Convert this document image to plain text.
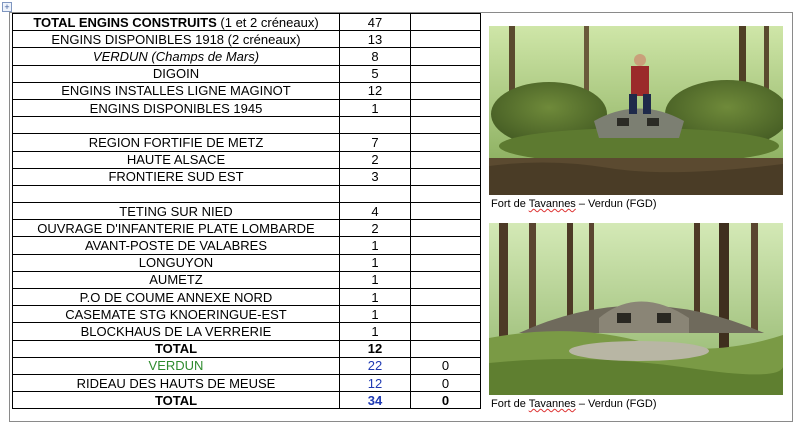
+
TOTAL ENGINS CONSTRUITS (1 et 2 créneaux)	47	
ENGINS DISPONIBLES 1918 (2 créneaux)	13	
VERDUN (Champs de Mars)	8	
DIGOIN	5	
ENGINS INSTALLES LIGNE MAGINOT	12	
ENGINS DISPONIBLES 1945	1	

REGION FORTIFIE DE METZ	7	
HAUTE ALSACE	2	
FRONTIERE SUD EST	3	

TETING SUR NIED	4	
OUVRAGE D'INFANTERIE PLATE LOMBARDE	2	
AVANT-POSTE DE VALABRES	1	
LONGUYON	1	
AUMETZ	1	
P.O DE COUME ANNEXE NORD	1	
CASEMATE STG KNOERINGUE-EST	1	
BLOCKHAUS DE LA VERRERIE	1	
TOTAL	12	
VERDUN	22	0
RIDEAU DES HAUTS DE MEUSE	12	0
TOTAL	34	0
Fort de Tavannes – Verdun (FGD)
Fort de Tavannes – Verdun (FGD)
